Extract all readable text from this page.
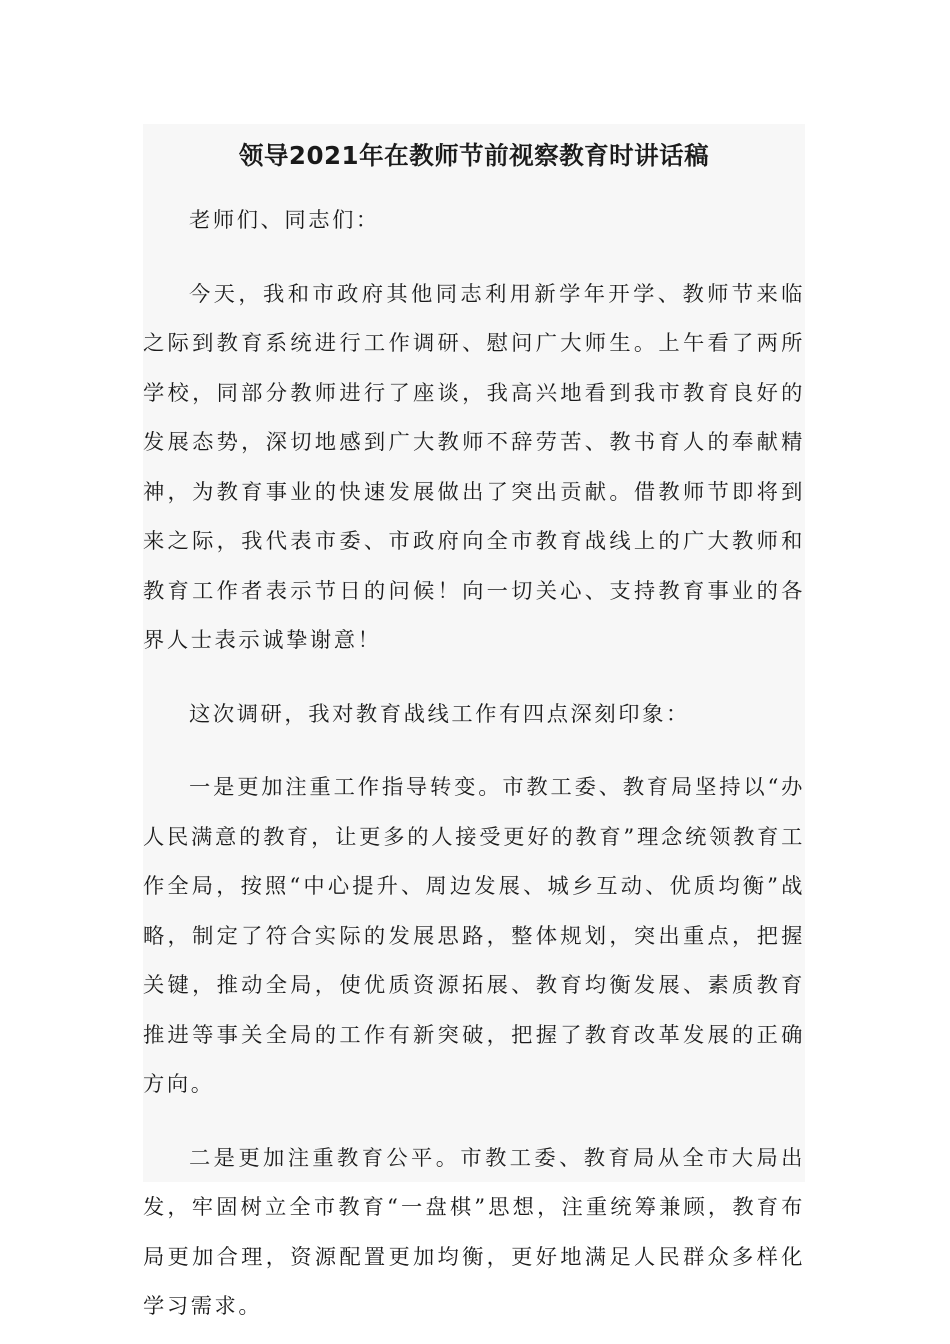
领导2021年在教师节前视察教育时讲话稿

老师们、同志们：

今天，我和市政府其他同志利用新学年开学、教师节来临之际到教育系统进行工作调研、慰问广大师生。上午看了两所学校，同部分教师进行了座谈，我高兴地看到我市教育良好的发展态势，深切地感到广大教师不辞劳苦、教书育人的奉献精神，为教育事业的快速发展做出了突出贡献。借教师节即将到来之际，我代表市委、市政府向全市教育战线上的广大教师和教育工作者表示节日的问候！向一切关心、支持教育事业的各界人士表示诚挚谢意！

这次调研，我对教育战线工作有四点深刻印象：

一是更加注重工作指导转变。市教工委、教育局坚持以“办人民满意的教育，让更多的人接受更好的教育”理念统领教育工作全局，按照“中心提升、周边发展、城乡互动、优质均衡”战略，制定了符合实际的发展思路，整体规划，突出重点，把握关键，推动全局，使优质资源拓展、教育均衡发展、素质教育推进等事关全局的工作有新突破，把握了教育改革发展的正确方向。

二是更加注重教育公平。市教工委、教育局从全市大局出发，牢固树立全市教育“一盘棋”思想，注重统筹兼顾，教育布局更加合理，资源配置更加均衡，更好地满足人民群众多样化学习需求。
